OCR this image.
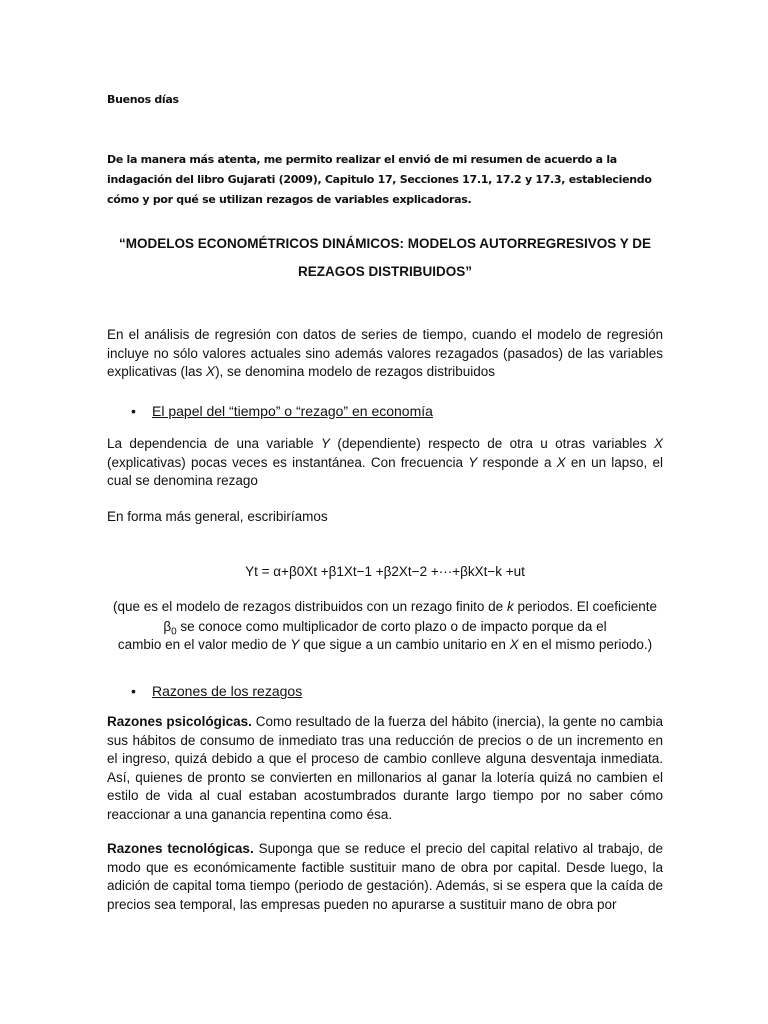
Buenos días
De la manera más atenta, me permito realizar el envió de mi resumen de acuerdo a la indagación del libro Gujarati (2009), Capitulo 17, Secciones 17.1, 17.2 y 17.3, estableciendo cómo y por qué se utilizan rezagos de variables explicadoras.
“MODELOS ECONOMÉTRICOS DINÁMICOS: MODELOS AUTORREGRESIVOS Y DE
REZAGOS DISTRIBUIDOS”
En el análisis de regresión con datos de series de tiempo, cuando el modelo de regresión incluye no sólo valores actuales sino además valores rezagados (pasados) de las variables explicativas (las X), se denomina modelo de rezagos distribuidos
• El papel del “tiempo” o “rezago” en economía
La dependencia de una variable Y (dependiente) respecto de otra u otras variables X (explicativas) pocas veces es instantánea. Con frecuencia Y responde a X en un lapso, el cual se denomina rezago
En forma más general, escribiríamos
Yt = α+β0Xt +β1Xt−1 +β2Xt−2 +···+βkXt−k +ut
(que es el modelo de rezagos distribuidos con un rezago finito de k periodos. El coeficiente $\beta_0$ se conoce como multiplicador de corto plazo o de impacto porque da el
cambio en el valor medio de Y que sigue a un cambio unitario en X en el mismo periodo.)
• Razones de los rezagos
Razones psicológicas. Como resultado de la fuerza del hábito (inercia), la gente no cambia sus hábitos de consumo de inmediato tras una reducción de precios o de un incremento en el ingreso, quizá debido a que el proceso de cambio conlleve alguna desventaja inmediata. Así, quienes de pronto se convierten en millonarios al ganar la lotería quizá no cambien el estilo de vida al cual estaban acostumbrados durante largo tiempo por no saber cómo reaccionar a una ganancia repentina como ésa.
Razones tecnológicas. Suponga que se reduce el precio del capital relativo al trabajo, de modo que es económicamente factible sustituir mano de obra por capital. Desde luego, la adición de capital toma tiempo (periodo de gestación). Además, si se espera que la caída de precios sea temporal, las empresas pueden no apurarse a sustituir mano de obra por
